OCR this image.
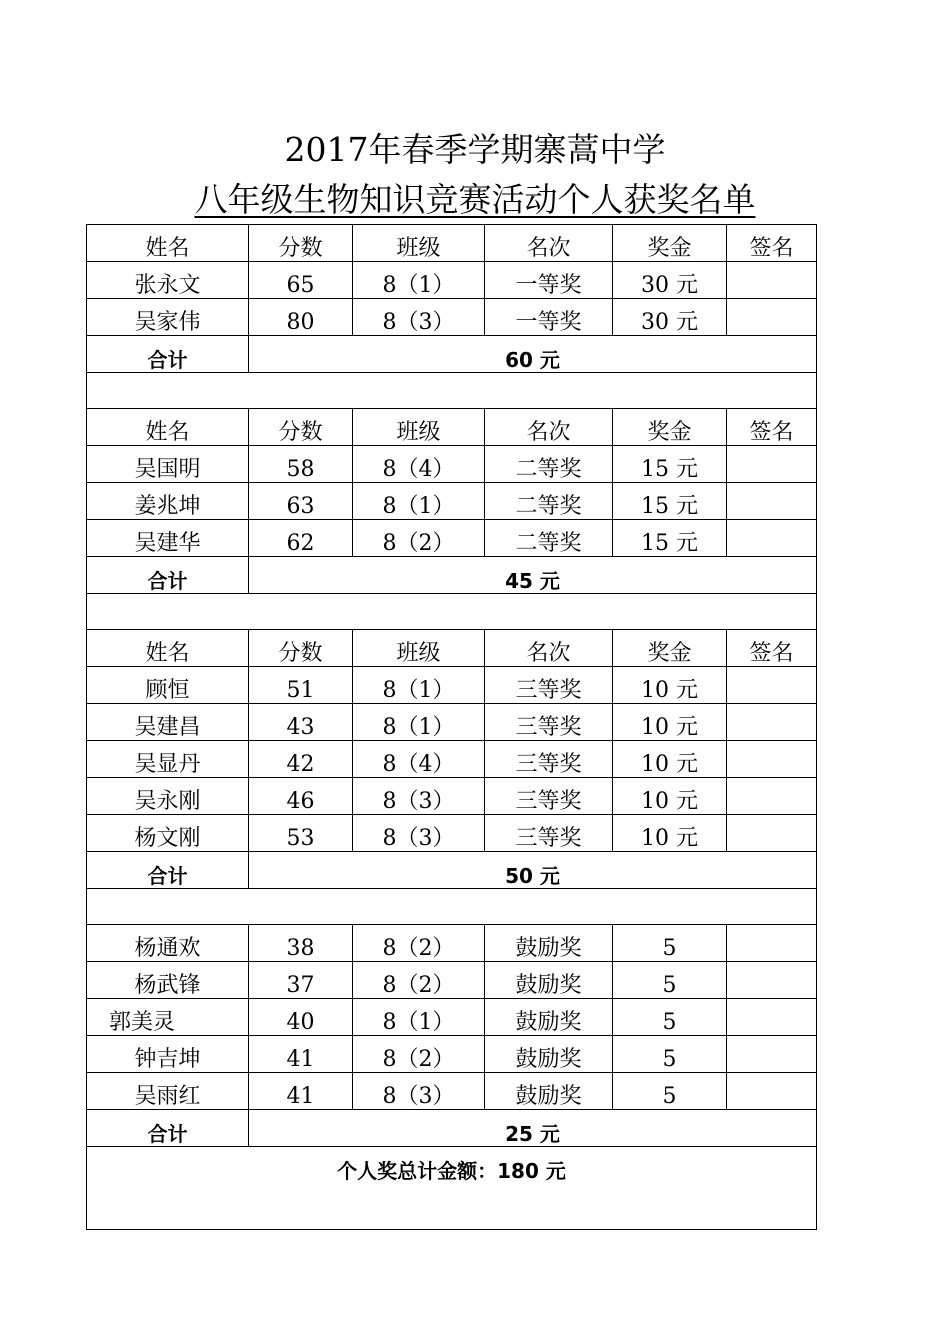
2017年春季学期寨蒿中学
八年级生物知识竞赛活动个人获奖名单
姓名	分数	班级	名次	奖金	签名
张永文	65	8（1）	一等奖	30 元	
吴家伟	80	8（3）	一等奖	30 元	
合计	60 元				

姓名	分数	班级	名次	奖金	签名
吴国明	58	8（4）	二等奖	15 元	
姜兆坤	63	8（1）	二等奖	15 元	
吴建华	62	8（2）	二等奖	15 元	
合计	45 元				

姓名	分数	班级	名次	奖金	签名
顾恒	51	8（1）	三等奖	10 元	
吴建昌	43	8（1）	三等奖	10 元	
吴显丹	42	8（4）	三等奖	10 元	
吴永刚	46	8（3）	三等奖	10 元	
杨文刚	53	8（3）	三等奖	10 元	
合计	50 元				

杨通欢	38	8（2）	鼓励奖	5	
杨武锋	37	8（2）	鼓励奖	5	
郭美灵	40	8（1）	鼓励奖	5	
钟吉坤	41	8（2）	鼓励奖	5	
吴雨红	41	8（3）	鼓励奖	5	
合计	25 元				
个人奖总计金额：180 元					
